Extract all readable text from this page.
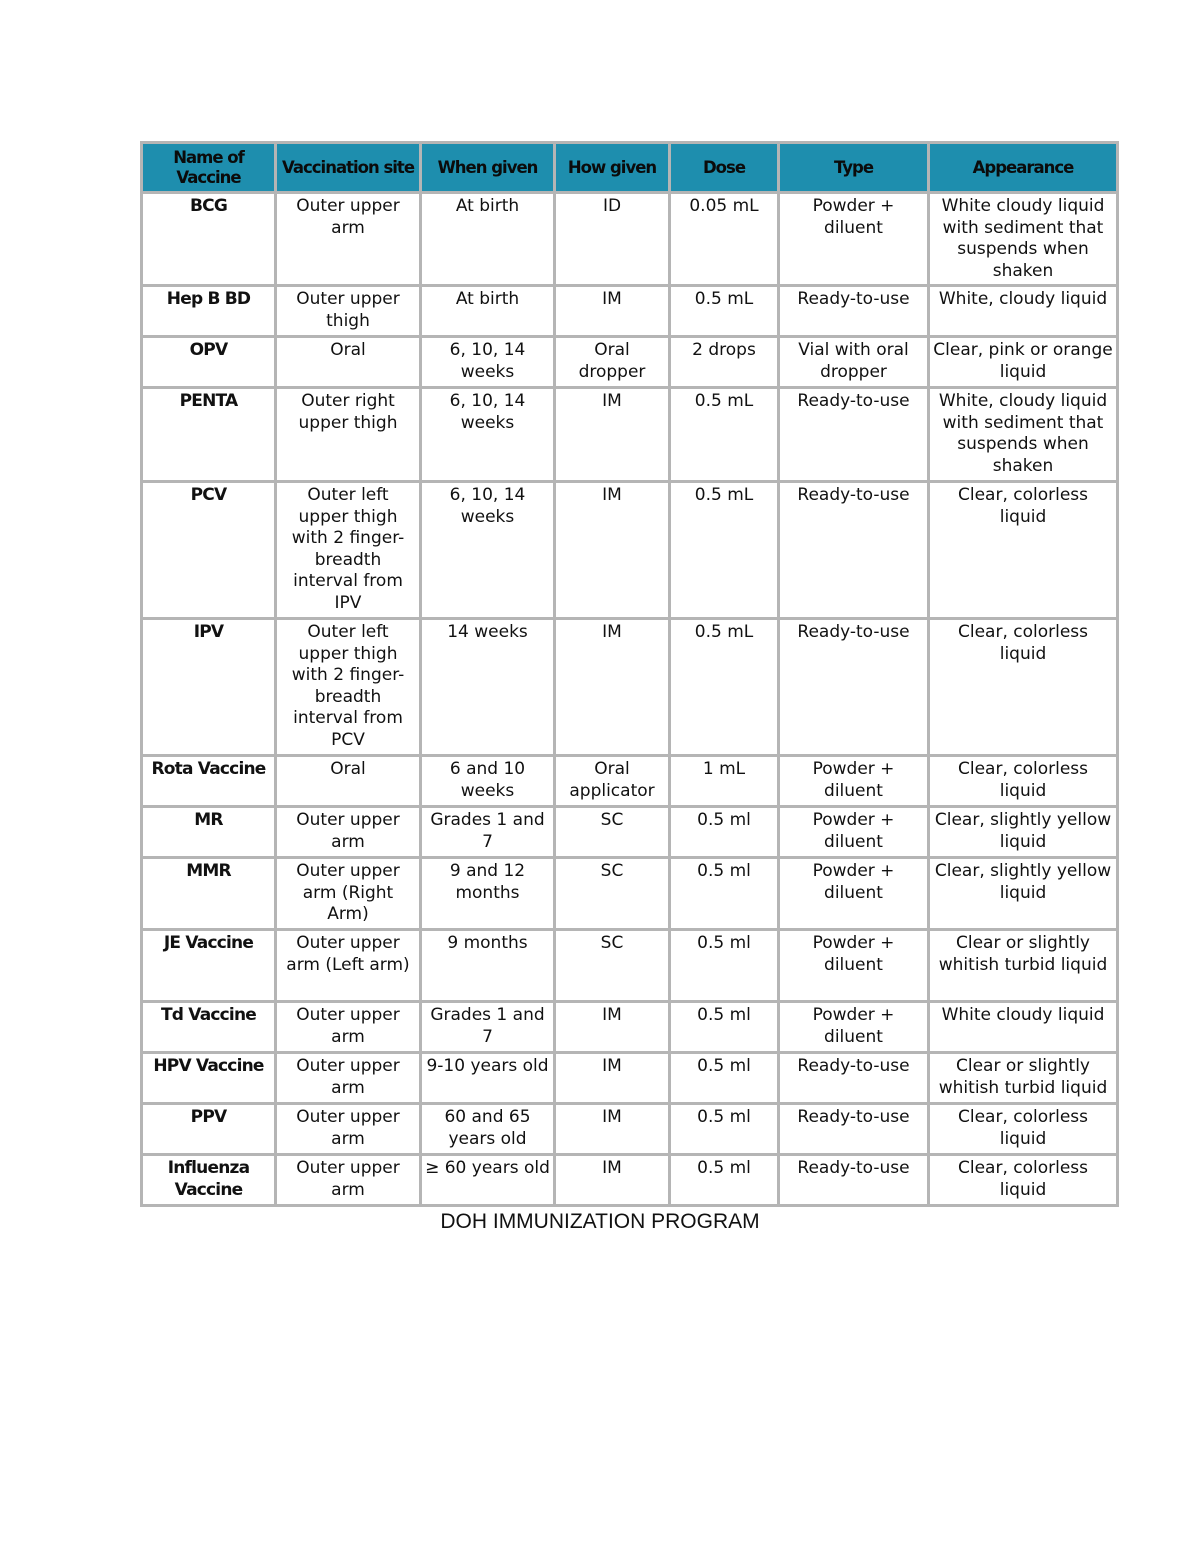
Name of Vaccine	Vaccination site	When given	How given	Dose	Type	Appearance
BCG	Outer upper arm	At birth	ID	0.05 mL	Powder + diluent	White cloudy liquid with sediment that suspends when shaken
Hep B BD	Outer upper thigh	At birth	IM	0.5 mL	Ready-to-use	White, cloudy liquid
OPV	Oral	6, 10, 14 weeks	Oral dropper	2 drops	Vial with oral dropper	Clear, pink or orange liquid
PENTA	Outer right upper thigh	6, 10, 14 weeks	IM	0.5 mL	Ready-to-use	White, cloudy liquid with sediment that suspends when shaken
PCV	Outer left upper thigh with 2 finger-breadth interval from IPV	6, 10, 14 weeks	IM	0.5 mL	Ready-to-use	Clear, colorless liquid
IPV	Outer left upper thigh with 2 finger-breadth interval from PCV	14 weeks	IM	0.5 mL	Ready-to-use	Clear, colorless liquid
Rota Vaccine	Oral	6 and 10 weeks	Oral applicator	1 mL	Powder + diluent	Clear, colorless liquid
MR	Outer upper arm	Grades 1 and 7	SC	0.5 ml	Powder + diluent	Clear, slightly yellow liquid
MMR	Outer upper arm (Right Arm)	9 and 12 months	SC	0.5 ml	Powder + diluent	Clear, slightly yellow liquid
JE Vaccine	Outer upper arm (Left arm)	9 months	SC	0.5 ml	Powder + diluent	Clear or slightly whitish turbid liquid
Td Vaccine	Outer upper arm	Grades 1 and 7	IM	0.5 ml	Powder + diluent	White cloudy liquid
HPV Vaccine	Outer upper arm	9-10 years old	IM	0.5 ml	Ready-to-use	Clear or slightly whitish turbid liquid
PPV	Outer upper arm	60 and 65 years old	IM	0.5 ml	Ready-to-use	Clear, colorless liquid
Influenza Vaccine	Outer upper arm	≥ 60 years old	IM	0.5 ml	Ready-to-use	Clear, colorless liquid
DOH IMMUNIZATION PROGRAM
